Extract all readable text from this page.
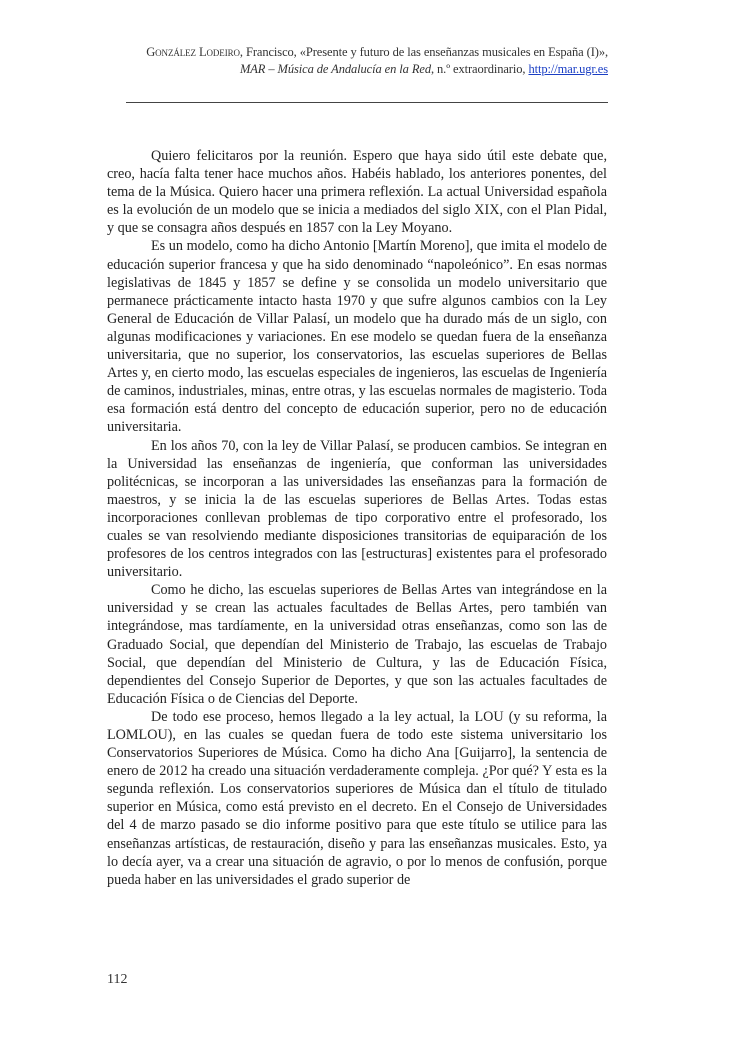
González Lodeiro, Francisco, «Presente y futuro de las enseñanzas musicales en España (I)»,
MAR – Música de Andalucía en la Red, n.º extraordinario, http://mar.ugr.es

Quiero felicitaros por la reunión. Espero que haya sido útil este debate que, creo, hacía falta tener hace muchos años. Habéis hablado, los anteriores ponentes, del tema de la Música. Quiero hacer una primera reflexión. La actual Universidad española es la evolución de un modelo que se inicia a mediados del siglo XIX, con el Plan Pidal, y que se consagra años después en 1857 con la Ley Moyano.

Es un modelo, como ha dicho Antonio [Martín Moreno], que imita el modelo de educación superior francesa y que ha sido denominado “napoleónico”. En esas normas legislativas de 1845 y 1857 se define y se consolida un modelo universitario que permanece prácticamente intacto hasta 1970 y que sufre algunos cambios con la Ley General de Educación de Villar Palasí, un modelo que ha durado más de un siglo, con algunas modificaciones y variaciones. En ese modelo se quedan fuera de la enseñanza universitaria, que no superior, los conservatorios, las escuelas superiores de Bellas Artes y, en cierto modo, las escuelas especiales de ingenieros, las escuelas de Ingeniería de caminos, industriales, minas, entre otras, y las escuelas normales de magisterio. Toda esa formación está dentro del concepto de educación superior, pero no de educación universitaria.

En los años 70, con la ley de Villar Palasí, se producen cambios. Se integran en la Universidad las enseñanzas de ingeniería, que conforman las universidades politécnicas, se incorporan a las universidades las enseñanzas para la formación de maestros, y se inicia la de las escuelas superiores de Bellas Artes. Todas estas incorporaciones conllevan problemas de tipo corporativo entre el profesorado, los cuales se van resolviendo mediante disposiciones transitorias de equiparación de los profesores de los centros integrados con las [estructuras] existentes para el profesorado universitario.

Como he dicho, las escuelas superiores de Bellas Artes van integrándose en la universidad y se crean las actuales facultades de Bellas Artes, pero también van integrándose, mas tardíamente, en la universidad otras enseñanzas, como son las de Graduado Social, que dependían del Ministerio de Trabajo, las escuelas de Trabajo Social, que dependían del Ministerio de Cultura, y las de Educación Física, dependientes del Consejo Superior de Deportes, y que son las actuales facultades de Educación Física o de Ciencias del Deporte.

De todo ese proceso, hemos llegado a la ley actual, la LOU (y su reforma, la LOMLOU), en las cuales se quedan fuera de todo este sistema universitario los Conservatorios Superiores de Música. Como ha dicho Ana [Guijarro], la sentencia de enero de 2012 ha creado una situación verdaderamente compleja. ¿Por qué? Y esta es la segunda reflexión. Los conservatorios superiores de Música dan el título de titulado superior en Música, como está previsto en el decreto. En el Consejo de Universidades del 4 de marzo pasado se dio informe positivo para que este título se utilice para las enseñanzas artísticas, de restauración, diseño y para las enseñanzas musicales. Esto, ya lo decía ayer, va a crear una situación de agravio, o por lo menos de confusión, porque pueda haber en las universidades el grado superior de

112
